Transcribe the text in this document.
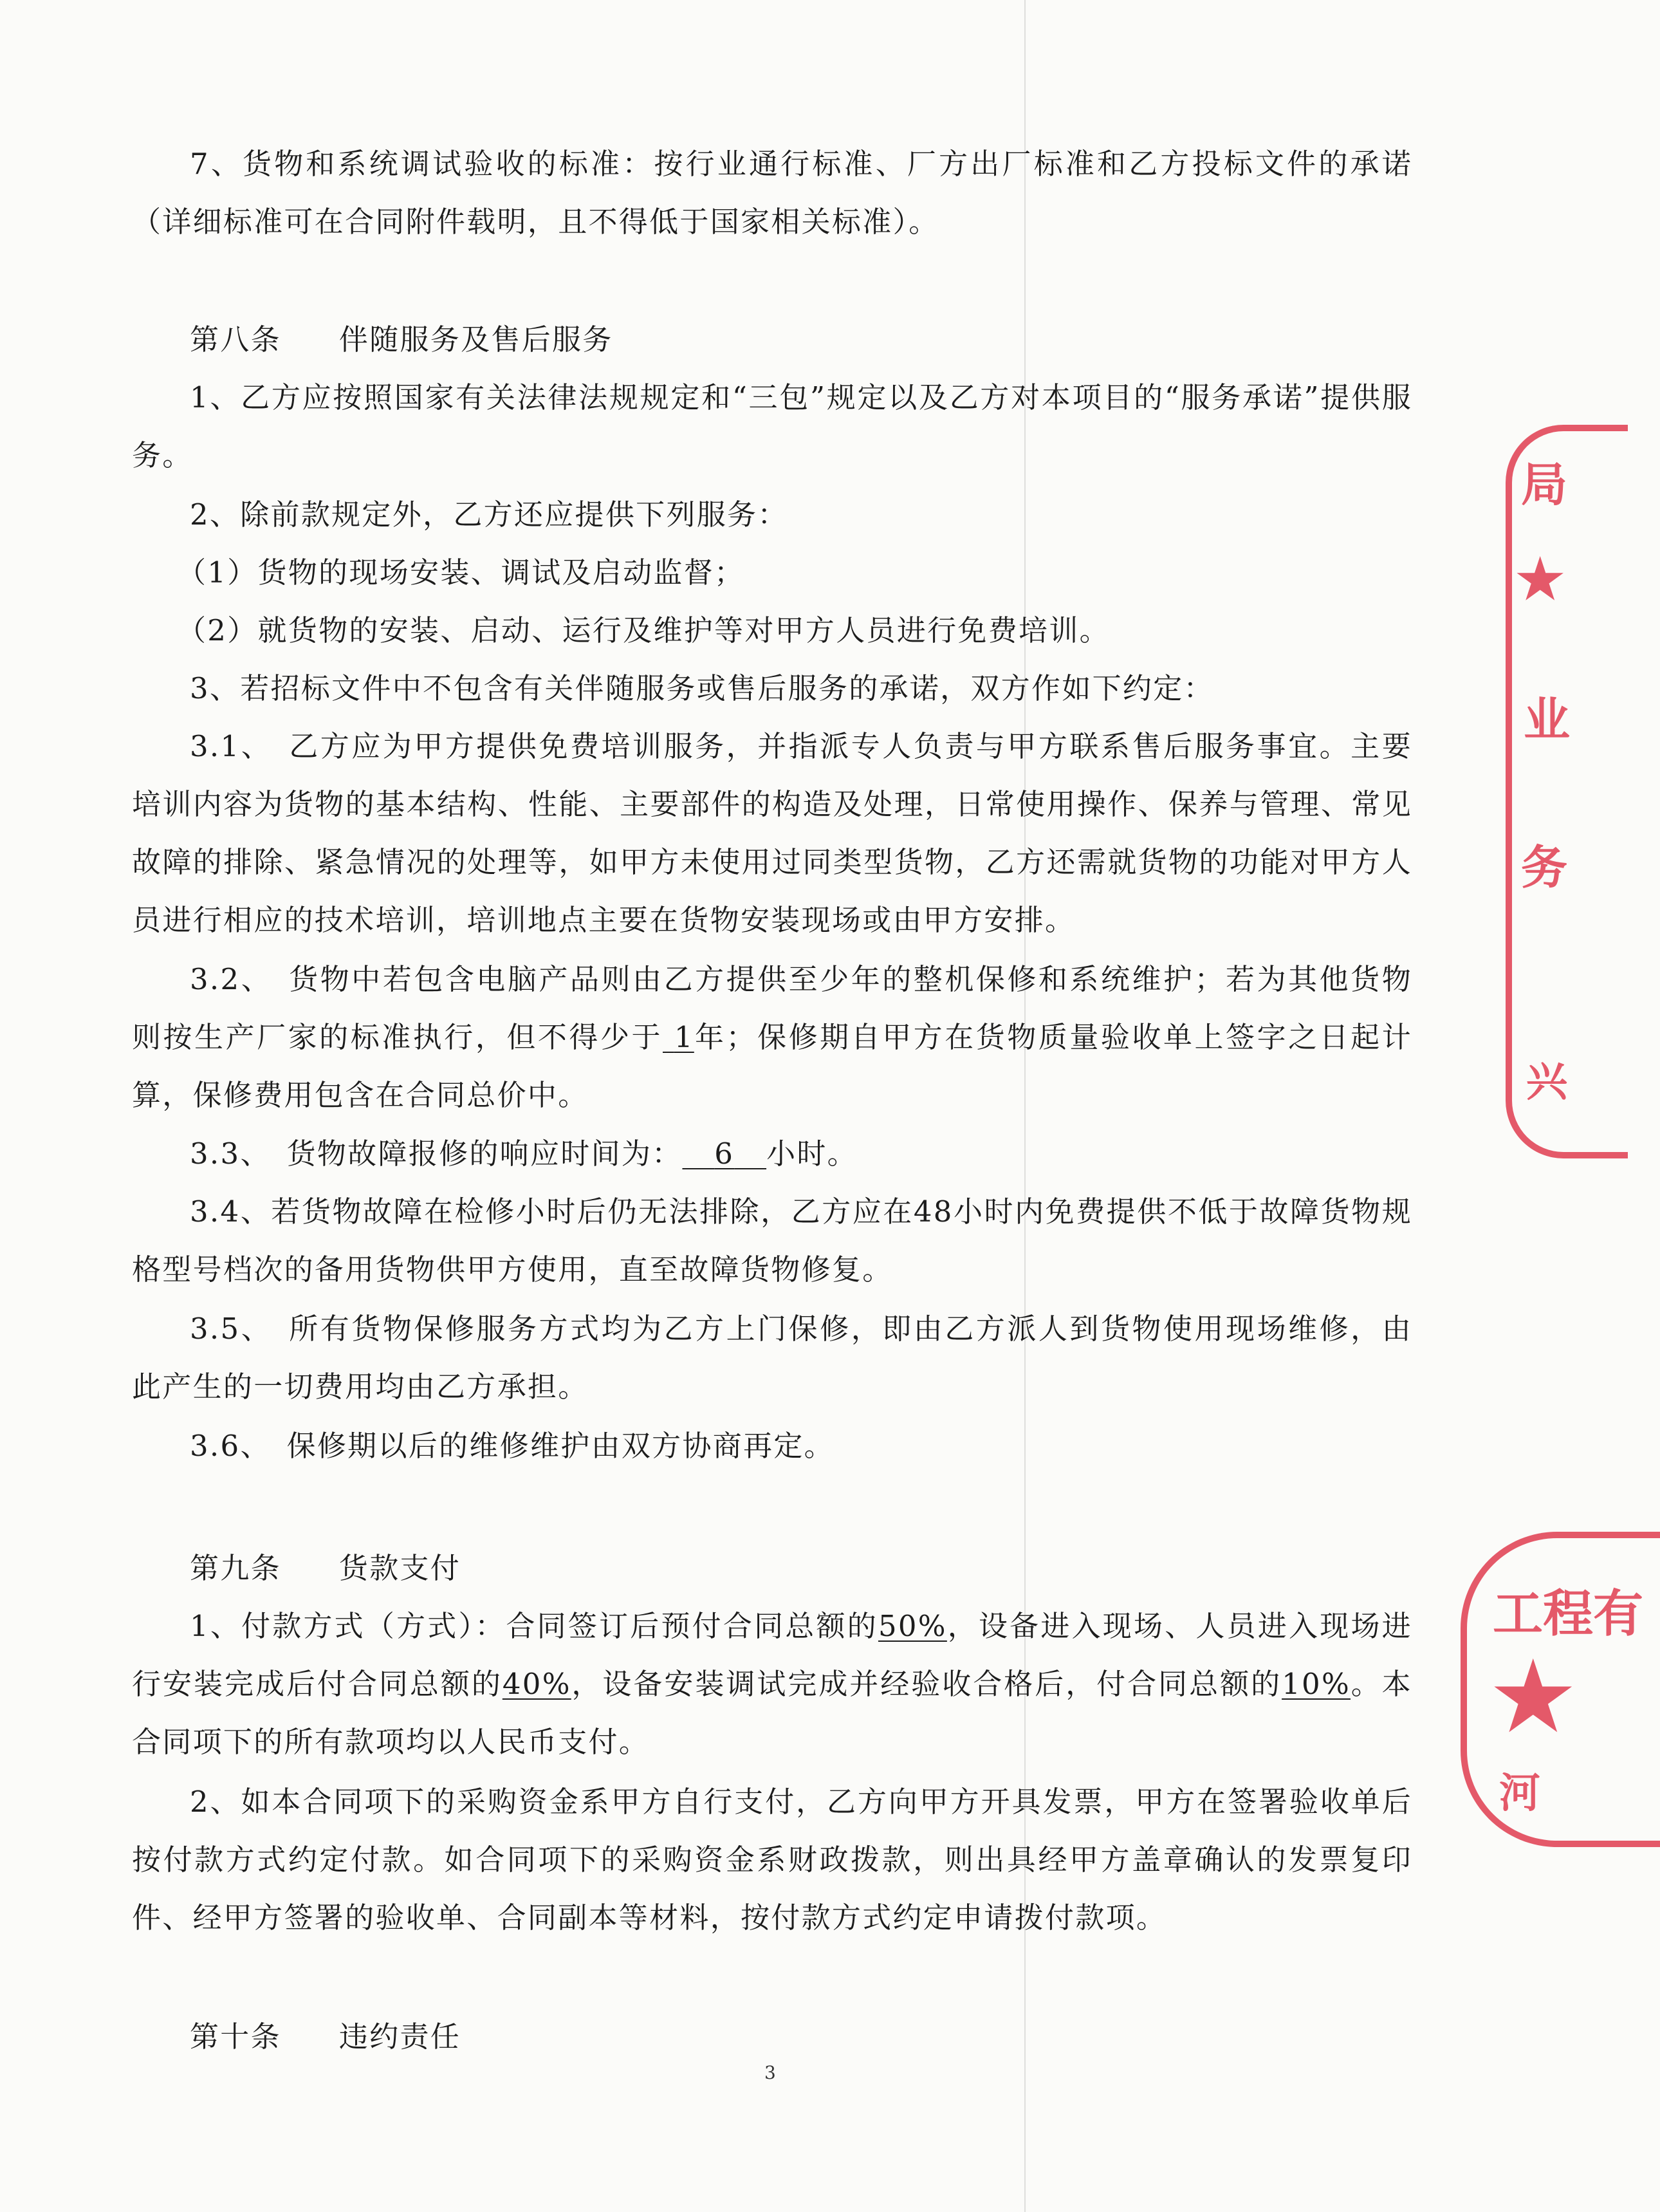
7、货物和系统调试验收的标准：按行业通行标准、厂方出厂标准和乙方投标文件的承诺（详细标准可在合同附件载明，且不得低于国家相关标准）。

第八条 伴随服务及售后服务

1、乙方应按照国家有关法律法规规定和“三包”规定以及乙方对本项目的“服务承诺”提供服务。

2、除前款规定外，乙方还应提供下列服务：

（1）货物的现场安装、调试及启动监督；

（2）就货物的安装、启动、运行及维护等对甲方人员进行免费培训。

3、若招标文件中不包含有关伴随服务或售后服务的承诺，双方作如下约定：

3.1、　乙方应为甲方提供免费培训服务，并指派专人负责与甲方联系售后服务事宜。主要培训内容为货物的基本结构、性能、主要部件的构造及处理，日常使用操作、保养与管理、常见故障的排除、紧急情况的处理等，如甲方未使用过同类型货物，乙方还需就货物的功能对甲方人员进行相应的技术培训，培训地点主要在货物安装现场或由甲方安排。

3.2、　货物中若包含电脑产品则由乙方提供至少年的整机保修和系统维护；若为其他货物则按生产厂家的标准执行，但不得少于 1年；保修期自甲方在货物质量验收单上签字之日起计算，保修费用包含在合同总价中。

3.3、　货物故障报修的响应时间为： 6 小时。

3.4、若货物故障在检修小时后仍无法排除，乙方应在48小时内免费提供不低于故障货物规格型号档次的备用货物供甲方使用，直至故障货物修复。

3.5、　所有货物保修服务方式均为乙方上门保修，即由乙方派人到货物使用现场维修，由此产生的一切费用均由乙方承担。

3.6、　保修期以后的维修维护由双方协商再定。

第九条 货款支付

1、付款方式（方式）：合同签订后预付合同总额的50%，设备进入现场、人员进入现场进行安装完成后付合同总额的40%，设备安装调试完成并经验收合格后，付合同总额的10%。本合同项下的所有款项均以人民币支付。

2、如本合同项下的采购资金系甲方自行支付，乙方向甲方开具发票，甲方在签署验收单后按付款方式约定付款。如合同项下的采购资金系财政拨款，则出具经甲方盖章确认的发票复印件、经甲方签署的验收单、合同副本等材料，按付款方式约定申请拨付款项。

第十条 违约责任

3
局
★
业
务
兴
工程有
★
河
